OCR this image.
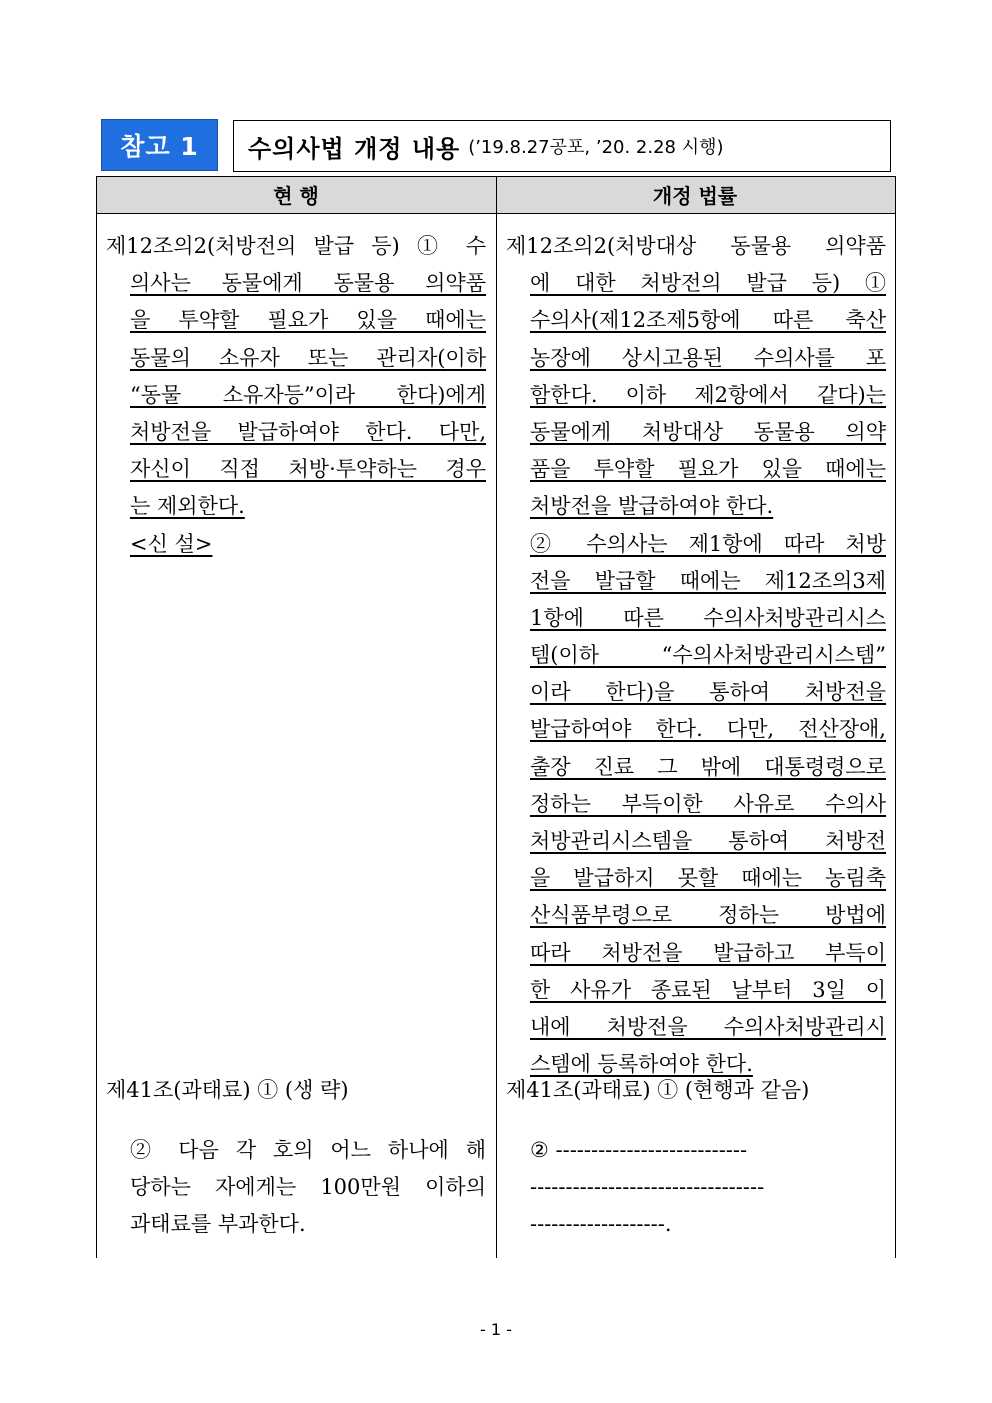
참고 1	수의사법 개정 내용 (’19.8.27공포, ’20. 2.28 시행)
현 행	개정 법률
제12조의2(처방전의 발급 등) ① 수
의사는 동물에게 동물용 의약품
을 투약할 필요가 있을 때에는
동물의 소유자 또는 관리자(이하
“동물 소유자등”이라 한다)에게
처방전을 발급하여야 한다. 다만,
자신이 직접 처방·투약하는 경우
는 제외한다.
<신 설>
제41조(과태료) ① (생 략)
② 다음 각 호의 어느 하나에 해
당하는 자에게는 100만원 이하의
과태료를 부과한다.
제12조의2(처방대상 동물용 의약품
에 대한 처방전의 발급 등) ①
수의사(제12조제5항에 따른 축산
농장에 상시고용된 수의사를 포
함한다. 이하 제2항에서 같다)는
동물에게 처방대상 동물용 의약
품을 투약할 필요가 있을 때에는
처방전을 발급하여야 한다.
② 수의사는 제1항에 따라 처방
전을 발급할 때에는 제12조의3제
1항에 따른 수의사처방관리시스
템(이하 “수의사처방관리시스템”
이라 한다)을 통하여 처방전을
발급하여야 한다. 다만, 전산장애,
출장 진료 그 밖에 대통령령으로
정하는 부득이한 사유로 수의사
처방관리시스템을 통하여 처방전
을 발급하지 못할 때에는 농림축
산식품부령으로 정하는 방법에
따라 처방전을 발급하고 부득이
한 사유가 종료된 날부터 3일 이
내에 처방전을 수의사처방관리시
스템에 등록하여야 한다.
제41조(과태료) ① (현행과 같음)
② ---------------------------
---------------------------------
-------------------.
- 1 -
